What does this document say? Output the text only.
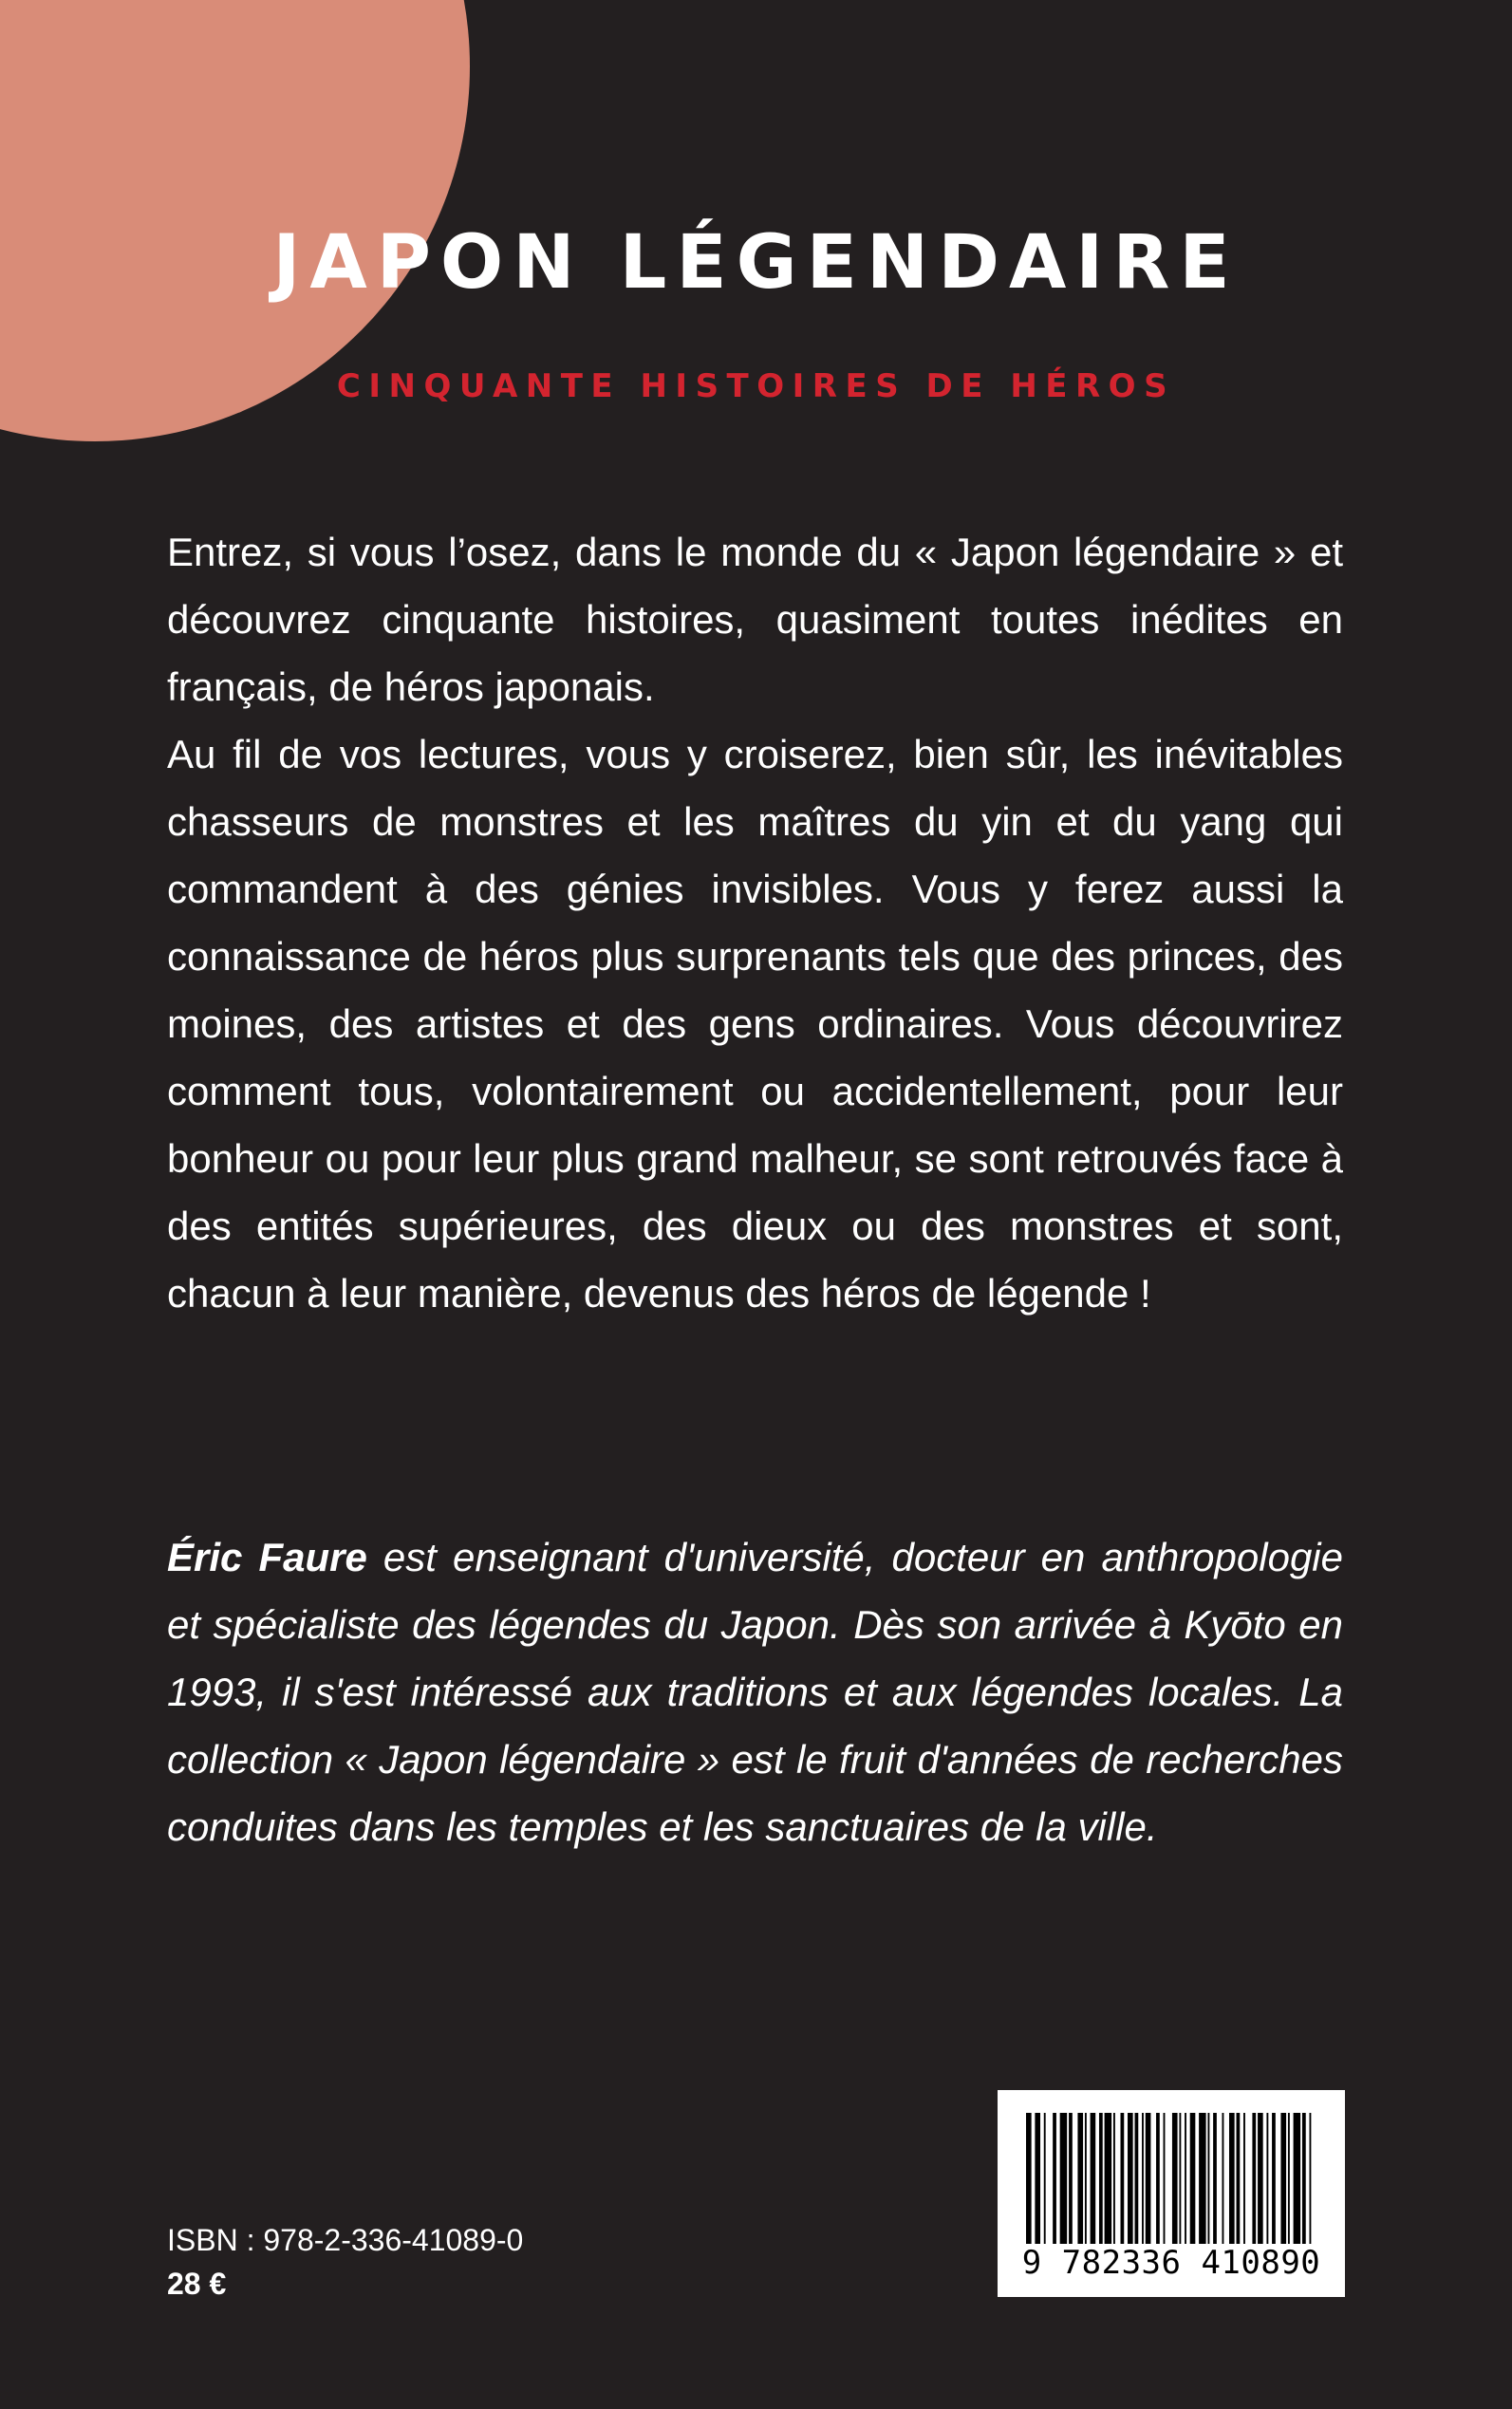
JAPON LÉGENDAIRE
CINQUANTE HISTOIRES DE HÉROS

Entrez, si vous l’osez, dans le monde du « Japon légendaire » et découvrez cinquante histoires, quasiment toutes inédites en français, de héros japonais.

Au fil de vos lectures, vous y croiserez, bien sûr, les inévitables chasseurs de monstres et les maîtres du yin et du yang qui commandent à des génies invisibles. Vous y ferez aussi la connaissance de héros plus surprenants tels que des princes, des moines, des artistes et des gens ordinaires. Vous découvrirez comment tous, volontairement ou accidentellement, pour leur bonheur ou pour leur plus grand malheur, se sont retrouvés face à des entités supérieures, des dieux ou des monstres et sont, chacun à leur manière, devenus des héros de légende !

Éric Faure est enseignant d'université, docteur en anthropologie et spécialiste des légendes du Japon. Dès son arrivée à Kyōto en 1993, il s'est intéressé aux traditions et aux légendes locales. La collection « Japon légendaire » est le fruit d'années de recherches conduites dans les temples et les sanctuaires de la ville.

ISBN : 978-2-336-41089-0

28 €

9 782336 410890
